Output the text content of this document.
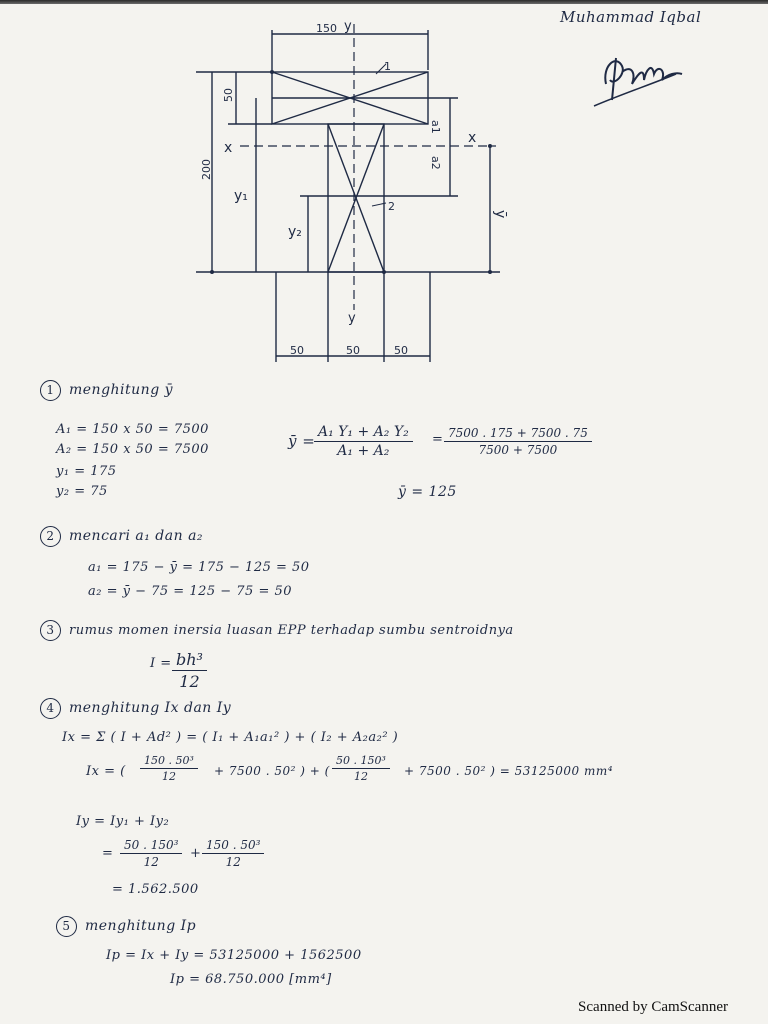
Muhammad Iqbal
Iqbal
150 y
50
200
x
x
y₁
y₂
ȳ
a1
a2
1
2
y
50	50	50
1 menghitung ȳ
A₁ = 150 x 50 = 7500
A₂ = 150 x 50 = 7500
y₁ = 175
y₂ = 75
ȳ =
$\frac{\text{A₁ Y₁ + A₂ Y₂}}{\text{A₁ + A₂}} = \frac{7500 . 175 + 7500 . 75}{7500 + 7500}$
ȳ = 125
2 mencari a₁ dan a₂
a₁ = 175 − ȳ = 175 − 125 = 50
a₂ = ȳ − 75 = 125 − 75 = 50
3 rumus momen inersia luasan EPP terhadap sumbu sentroidnya
$I = \frac{\text{bh³}}{12}$
4 menghitung Ix dan Iy
Ix = Σ ( I + Ad² ) = ( I₁ + A₁a₁² ) + ( I₂ + A₂a₂² )
Ix = ( $\frac{\text{150 . 50³}}{12} + 7500$ . 50² ) + ( $\frac{\text{50 . 150³}}{12} + 7500$ . 50² ) = 53125000 mm⁴
Iy = Iy₁ + Iy₂
= $\frac{\text{50 . 150³}}{12} + \frac{\text{150 . 50³}}{12}$
= 1.562.500
5 menghitung Ip
Ip = Ix + Iy = 53125000 + 1562500
Ip = 68.750.000 [mm⁴]
Scanned by CamScanner
